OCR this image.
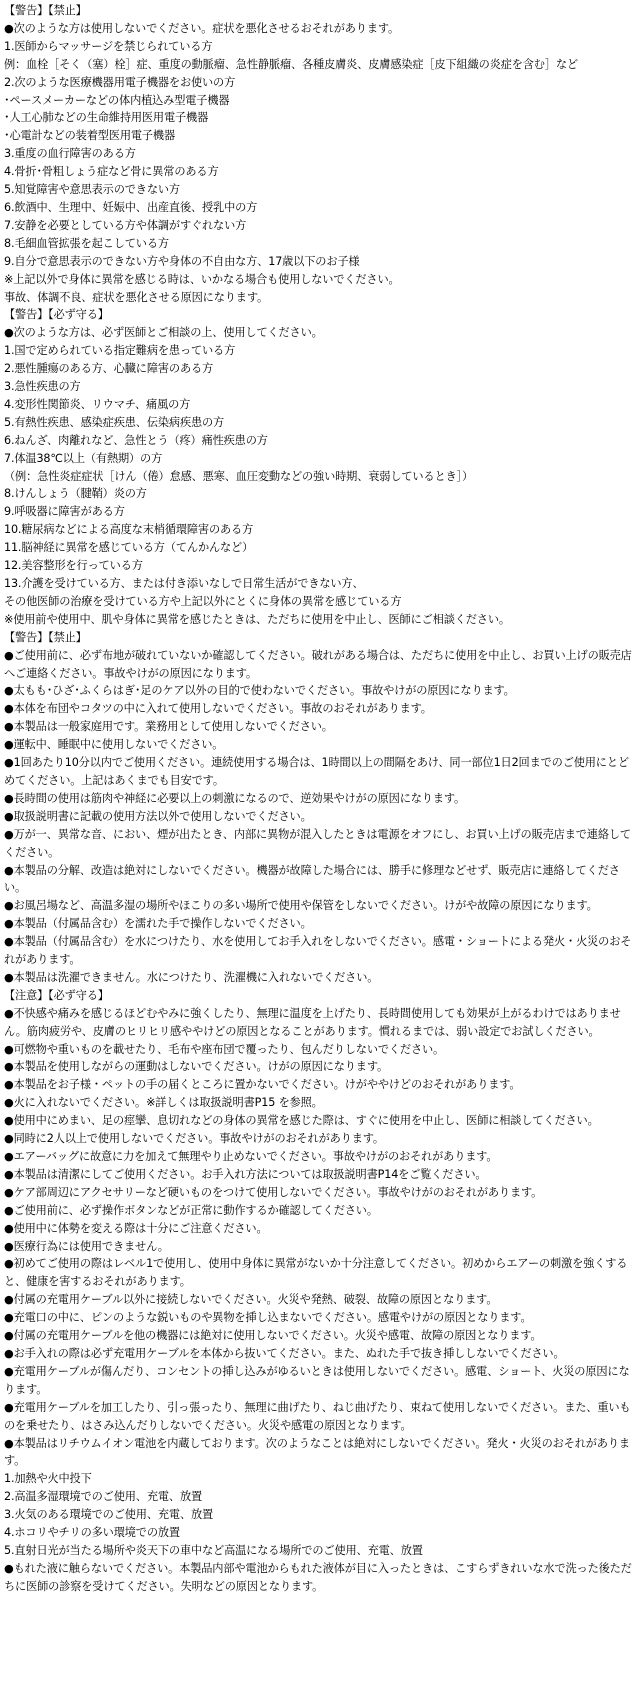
【警告】【禁止】
●次のような方は使用しないでください。症状を悪化させるおそれがあります。
1.医師からマッサージを禁じられている方
例：血栓［そく（塞）栓］症、重度の動脈瘤、急性静脈瘤、各種皮膚炎、皮膚感染症［皮下組織の炎症を含む］など
2.次のような医療機器用電子機器をお使いの方
･ペースメーカーなどの体内植込み型電子機器
･人工心肺などの生命維持用医用電子機器
･心電計などの装着型医用電子機器
3.重度の血行障害のある方
4.骨折･骨粗しょう症など骨に異常のある方
5.知覚障害や意思表示のできない方
6.飲酒中、生理中、妊娠中、出産直後、授乳中の方
7.安静を必要としている方や体調がすぐれない方
8.毛細血管拡張を起こしている方
9.自分で意思表示のできない方や身体の不自由な方、17歳以下のお子様
※上記以外で身体に異常を感じる時は、いかなる場合も使用しないでください。
事故、体調不良、症状を悪化させる原因になります。
【警告】【必ず守る】
●次のような方は、必ず医師とご相談の上、使用してください。
1.国で定められている指定難病を患っている方
2.悪性腫瘍のある方、心臓に障害のある方
3.急性疾患の方
4.変形性関節炎、リウマチ、痛風の方
5.有熱性疾患、感染症疾患、伝染病疾患の方
6.ねんざ、肉離れなど、急性とう（疼）痛性疾患の方
7.体温38℃以上（有熱期）の方
（例：急性炎症症状［けん（倦）怠感、悪寒、血圧変動などの強い時期、衰弱しているとき］）
8.けんしょう（腱鞘）炎の方
9.呼吸器に障害がある方
10.糖尿病などによる高度な末梢循環障害のある方
11.脳神経に異常を感じている方（てんかんなど）
12.美容整形を行っている方
13.介護を受けている方、または付き添いなしで日常生活ができない方、
その他医師の治療を受けている方や上記以外にとくに身体の異常を感じている方
※使用前や使用中、肌や身体に異常を感じたときは、ただちに使用を中止し、医師にご相談ください。
【警告】【禁止】
●ご使用前に、必ず布地が破れていないか確認してください。破れがある場合は、ただちに使用を中止し、お買い上げの販売店へご連絡ください。事故やけがの原因になります。
●太もも･ひざ･ふくらはぎ･足のケア以外の目的で使わないでください。事故やけがの原因になります。
●本体を布団やコタツの中に入れて使用しないでください。事故のおそれがあります。
●本製品は一般家庭用です。業務用として使用しないでください。
●運転中、睡眠中に使用しないでください。
●1回あたり10分以内でご使用ください。連続使用する場合は、1時間以上の間隔をあけ、同一部位1日2回までのご使用にとどめてください。上記はあくまでも目安です。
●長時間の使用は筋肉や神経に必要以上の刺激になるので、逆効果やけがの原因になります。
●取扱説明書に記載の使用方法以外で使用しないでください。
●万が一、異常な音、におい、煙が出たとき、内部に異物が混入したときは電源をオフにし、お買い上げの販売店まで連絡してください。
●本製品の分解、改造は絶対にしないでください。機器が故障した場合には、勝手に修理などせず、販売店に連絡してください。
●お風呂場など、高温多湿の場所やほこりの多い場所で使用や保管をしないでください。けがや故障の原因になります。
●本製品（付属品含む）を濡れた手で操作しないでください。
●本製品（付属品含む）を水につけたり、水を使用してお手入れをしないでください。感電・ショートによる発火・火災のおそれがあります。
●本製品は洗濯できません。水につけたり、洗濯機に入れないでください。
【注意】【必ず守る】
●不快感や痛みを感じるほどむやみに強くしたり、無理に温度を上げたり、長時間使用しても効果が上がるわけではありません。筋肉疲労や、皮膚のヒリヒリ感ややけどの原因となることがあります。慣れるまでは、弱い設定でお試しください。
●可燃物や重いものを載せたり、毛布や座布団で覆ったり、包んだりしないでください。
●本製品を使用しながらの運動はしないでください。けがの原因になります。
●本製品をお子様・ペットの手の届くところに置かないでください。けがややけどのおそれがあります。
●火に入れないでください。※詳しくは取扱説明書P15 を参照。
●使用中にめまい、足の痙攣、息切れなどの身体の異常を感じた際は、すぐに使用を中止し、医師に相談してください。
●同時に2人以上で使用しないでください。事故やけがのおそれがあります。
●エアーバッグに故意に力を加えて無理やり止めないでください。事故やけがのおそれがあります。
●本製品は清潔にしてご使用ください。お手入れ方法については取扱説明書P14をご覧ください。
●ケア部周辺にアクセサリーなど硬いものをつけて使用しないでください。事故やけがのおそれがあります。
●ご使用前に、必ず操作ボタンなどが正常に動作するか確認してください。
●使用中に体勢を変える際は十分にご注意ください。
●医療行為には使用できません。
●初めてご使用の際はレベル1で使用し、使用中身体に異常がないか十分注意してください。初めからエアーの刺激を強くすると、健康を害するおそれがあります。
●付属の充電用ケーブル以外に接続しないでください。火災や発熱、破裂、故障の原因となります。
●充電口の中に、ピンのような鋭いものや異物を挿し込まないでください。感電やけがの原因となります。
●付属の充電用ケーブルを他の機器には絶対に使用しないでください。火災や感電、故障の原因となります。
●お手入れの際は必ず充電用ケーブルを本体から抜いてください。また、ぬれた手で抜き挿ししないでください。
●充電用ケーブルが傷んだり、コンセントの挿し込みがゆるいときは使用しないでください。感電、ショート、火災の原因になります。
●充電用ケーブルを加工したり、引っ張ったり、無理に曲げたり、ねじ曲げたり、束ねて使用しないでください。また、重いものを乗せたり、はさみ込んだりしないでください。火災や感電の原因となります。
●本製品はリチウムイオン電池を内蔵しております。次のようなことは絶対にしないでください。発火・火災のおそれがあります。
1.加熱や火中投下
2.高温多湿環境でのご使用、充電、放置
3.火気のある環境でのご使用、充電、放置
4.ホコリやチリの多い環境での放置
5.直射日光が当たる場所や炎天下の車中など高温になる場所でのご使用、充電、放置
●もれた液に触らないでください。本製品内部や電池からもれた液体が目に入ったときは、こすらずきれいな水で洗った後ただちに医師の診察を受けてください。失明などの原因となります。
